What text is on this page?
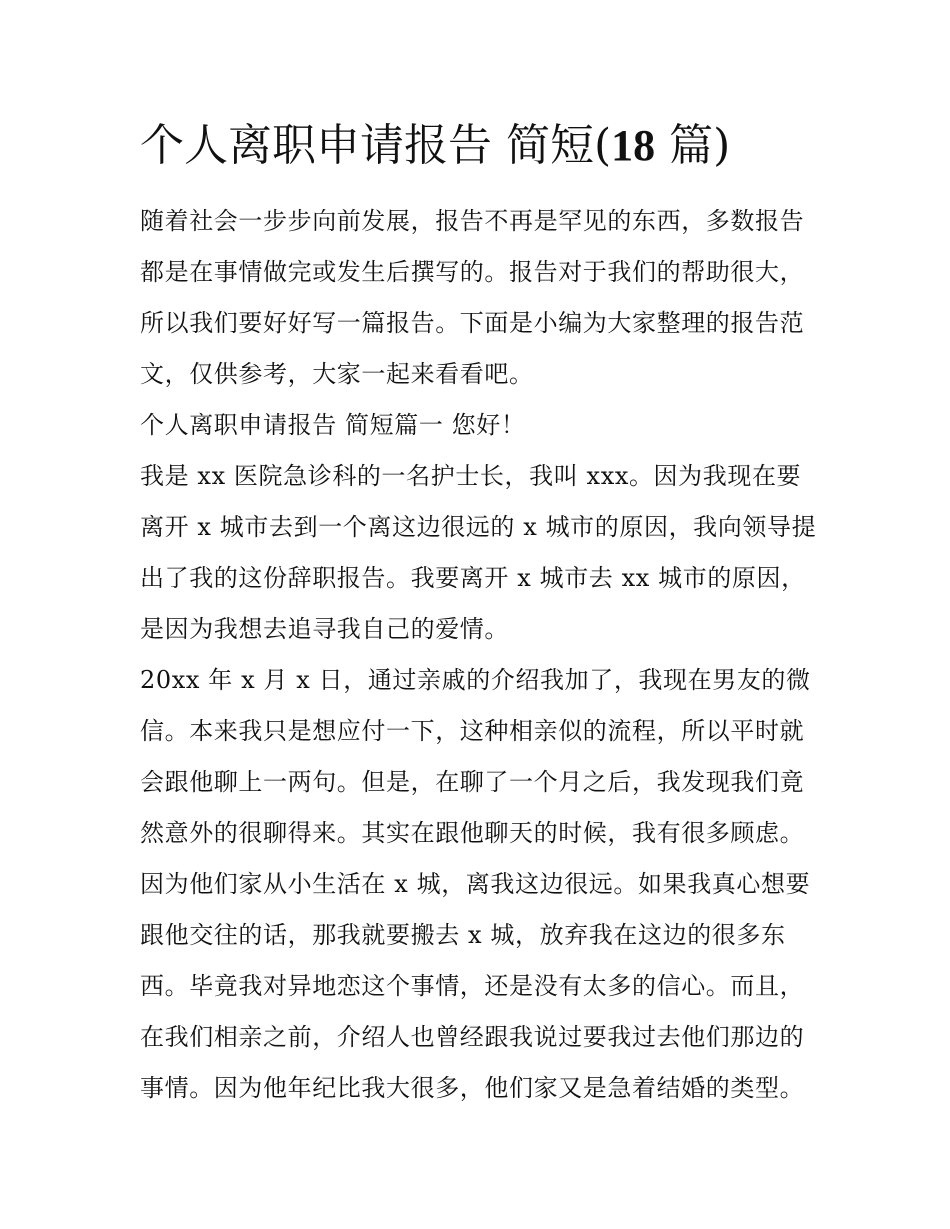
个人离职申请报告 简短(18 篇)
随着社会一步步向前发展，报告不再是罕见的东西，多数报告
都是在事情做完或发生后撰写的。报告对于我们的帮助很大，
所以我们要好好写一篇报告。下面是小编为大家整理的报告范
文，仅供参考，大家一起来看看吧。
个人离职申请报告 简短篇一 您好！
我是 xx 医院急诊科的一名护士长，我叫 xxx。因为我现在要
离开 x 城市去到一个离这边很远的 x 城市的原因，我向领导提
出了我的这份辞职报告。我要离开 x 城市去 xx 城市的原因，
是因为我想去追寻我自己的爱情。
20xx 年 x 月 x 日，通过亲戚的介绍我加了，我现在男友的微
信。本来我只是想应付一下，这种相亲似的流程，所以平时就
会跟他聊上一两句。但是，在聊了一个月之后，我发现我们竟
然意外的很聊得来。其实在跟他聊天的时候，我有很多顾虑。
因为他们家从小生活在 x 城，离我这边很远。如果我真心想要
跟他交往的话，那我就要搬去 x 城，放弃我在这边的很多东
西。毕竟我对异地恋这个事情，还是没有太多的信心。而且，
在我们相亲之前，介绍人也曾经跟我说过要我过去他们那边的
事情。因为他年纪比我大很多，他们家又是急着结婚的类型。
